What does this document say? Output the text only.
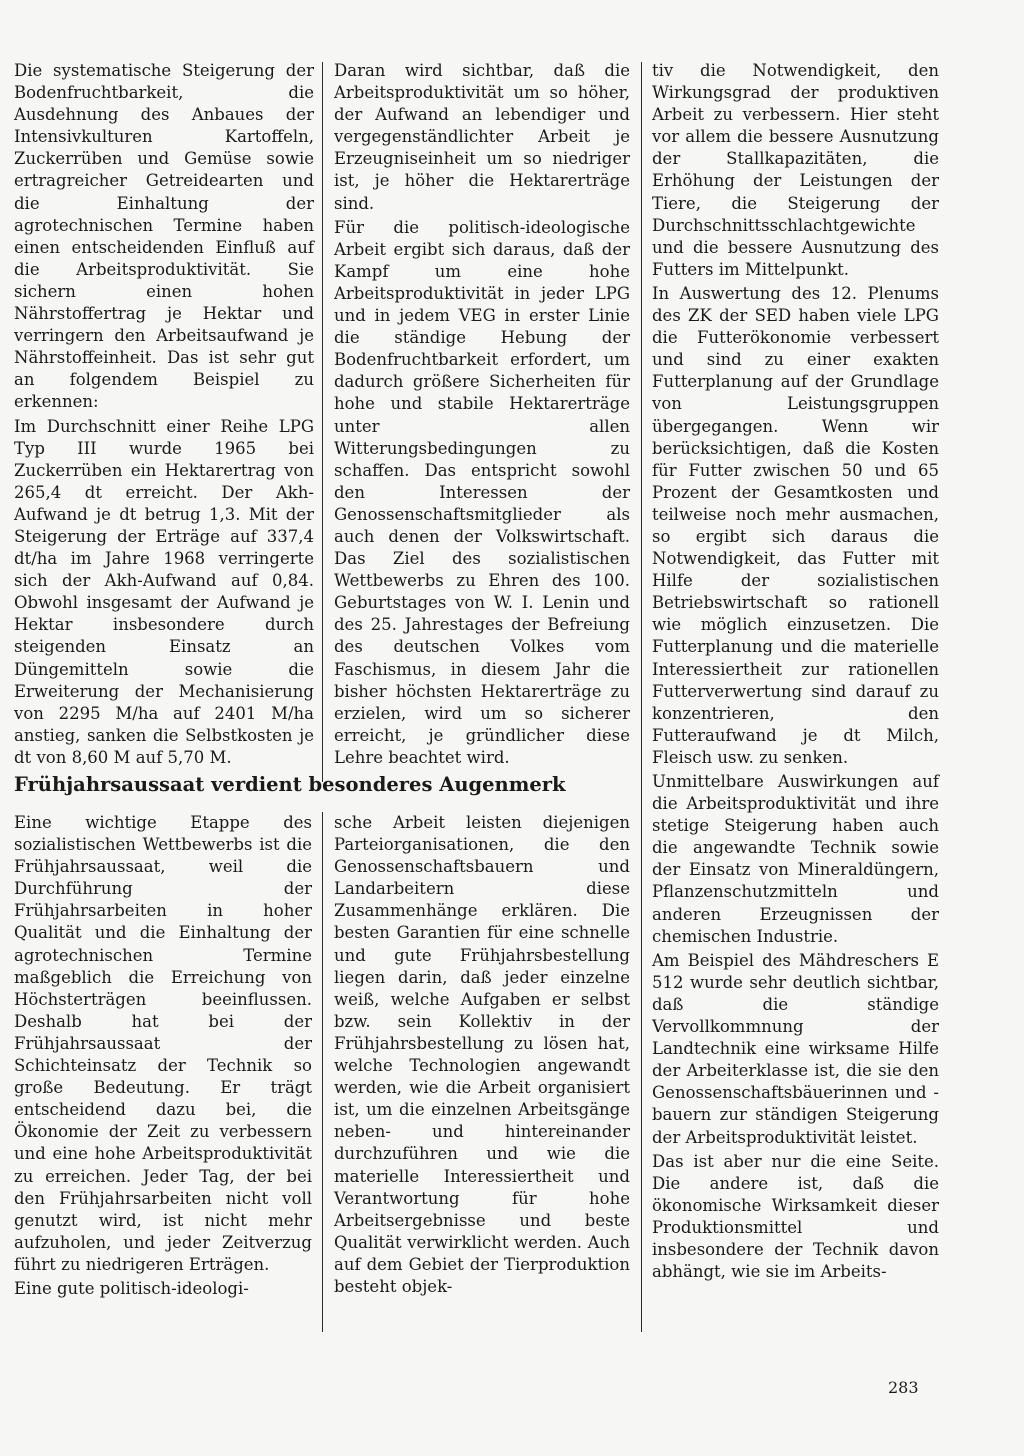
Die systematische Steigerung der Bodenfruchtbarkeit, die Ausdehnung des Anbaues der Intensivkulturen Kartoffeln, Zuckerrüben und Gemüse sowie ertragreicher Getreidearten und die Einhaltung der agrotechnischen Termine haben einen entscheidenden Einfluß auf die Arbeitsproduktivität. Sie sichern einen hohen Nährstoffertrag je Hektar und verringern den Arbeitsaufwand je Nährstoffeinheit. Das ist sehr gut an folgendem Beispiel zu erkennen:

Im Durchschnitt einer Reihe LPG Typ III wurde 1965 bei Zuckerrüben ein Hektarertrag von 265,4 dt erreicht. Der Akh-Aufwand je dt betrug 1,3. Mit der Steigerung der Erträge auf 337,4 dt/ha im Jahre 1968 verringerte sich der Akh-Aufwand auf 0,84. Obwohl insgesamt der Aufwand je Hektar insbesondere durch steigenden Einsatz an Düngemitteln sowie die Erweiterung der Mechanisierung von 2295 M/ha auf 2401 M/ha anstieg, sanken die Selbstkosten je dt von 8,60 M auf 5,70 M.

Daran wird sichtbar, daß die Arbeitsproduktivität um so höher, der Aufwand an lebendiger und vergegenständlichter Arbeit je Erzeugniseinheit um so niedriger ist, je höher die Hektarerträge sind.

Für die politisch-ideologische Arbeit ergibt sich daraus, daß der Kampf um eine hohe Arbeitsproduktivität in jeder LPG und in jedem VEG in erster Linie die ständige Hebung der Bodenfruchtbarkeit erfordert, um dadurch größere Sicherheiten für hohe und stabile Hektarerträge unter allen Witterungsbedingungen zu schaffen. Das entspricht sowohl den Interessen der Genossenschaftsmitglieder als auch denen der Volkswirtschaft. Das Ziel des sozialistischen Wettbewerbs zu Ehren des 100. Geburtstages von W. I. Lenin und des 25. Jahrestages der Befreiung des deutschen Volkes vom Faschismus, in diesem Jahr die bisher höchsten Hektarerträge zu erzielen, wird um so sicherer erreicht, je gründlicher diese Lehre beachtet wird.

tiv die Notwendigkeit, den Wirkungsgrad der produktiven Arbeit zu verbessern. Hier steht vor allem die bessere Ausnutzung der Stallkapazitäten, die Erhöhung der Leistungen der Tiere, die Steigerung der Durchschnittsschlachtgewichte und die bessere Ausnutzung des Futters im Mittelpunkt.

In Auswertung des 12. Plenums des ZK der SED haben viele LPG die Futterökonomie verbessert und sind zu einer exakten Futterplanung auf der Grundlage von Leistungsgruppen übergegangen. Wenn wir berücksichtigen, daß die Kosten für Futter zwischen 50 und 65 Prozent der Gesamtkosten und teilweise noch mehr ausmachen, so ergibt sich daraus die Notwendigkeit, das Futter mit Hilfe der sozialistischen Betriebswirtschaft so rationell wie möglich einzusetzen. Die Futterplanung und die materielle Interessiertheit zur rationellen Futterverwertung sind darauf zu konzentrieren, den Futteraufwand je dt Milch, Fleisch usw. zu senken.

Unmittelbare Auswirkungen auf die Arbeitsproduktivität und ihre stetige Steigerung haben auch die angewandte Technik sowie der Einsatz von Mineraldüngern, Pflanzenschutzmitteln und anderen Erzeugnissen der chemischen Industrie.

Am Beispiel des Mähdreschers E 512 wurde sehr deutlich sichtbar, daß die ständige Vervollkommnung der Landtechnik eine wirksame Hilfe der Arbeiterklasse ist, die sie den Genossenschaftsbäuerinnen und -bauern zur ständigen Steigerung der Arbeitsproduktivität leistet.

Das ist aber nur die eine Seite. Die andere ist, daß die ökonomische Wirksamkeit dieser Produktionsmittel und insbesondere der Technik davon abhängt, wie sie im Arbeits-

Frühjahrsaussaat verdient besonderes Augenmerk

Eine wichtige Etappe des sozialistischen Wettbewerbs ist die Frühjahrsaussaat, weil die Durchführung der Frühjahrsarbeiten in hoher Qualität und die Einhaltung der agrotechnischen Termine maßgeblich die Erreichung von Höchsterträgen beeinflussen. Deshalb hat bei der Frühjahrsaussaat der Schichteinsatz der Technik so große Bedeutung. Er trägt entscheidend dazu bei, die Ökonomie der Zeit zu verbessern und eine hohe Arbeitsproduktivität zu erreichen. Jeder Tag, der bei den Frühjahrsarbeiten nicht voll genutzt wird, ist nicht mehr aufzuholen, und jeder Zeitverzug führt zu niedrigeren Erträgen.

Eine gute politisch-ideologi-

sche Arbeit leisten diejenigen Parteiorganisationen, die den Genossenschaftsbauern und Landarbeitern diese Zusammenhänge erklären. Die besten Garantien für eine schnelle und gute Frühjahrsbestellung liegen darin, daß jeder einzelne weiß, welche Aufgaben er selbst bzw. sein Kollektiv in der Frühjahrsbestellung zu lösen hat, welche Technologien angewandt werden, wie die Arbeit organisiert ist, um die einzelnen Arbeitsgänge neben- und hintereinander durchzuführen und wie die materielle Interessiertheit und Verantwortung für hohe Arbeitsergebnisse und beste Qualität verwirklicht werden. Auch auf dem Gebiet der Tierproduktion besteht objek-

283
